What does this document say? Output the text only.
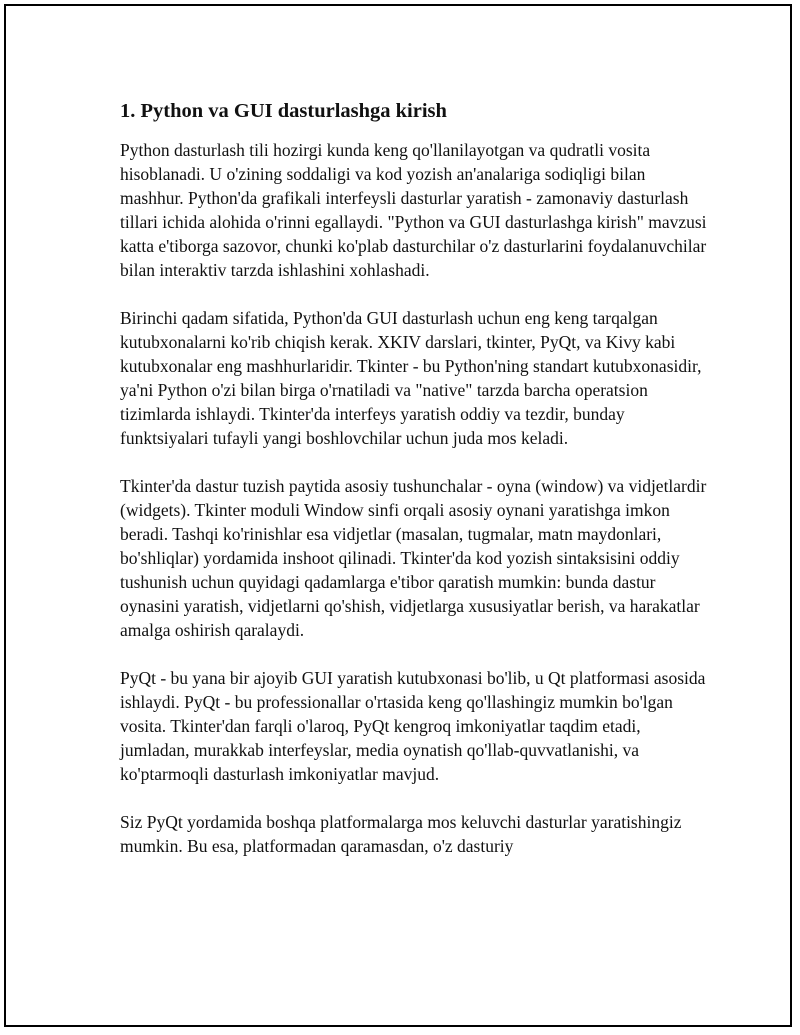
1. Python va GUI dasturlashga kirish

Python dasturlash tili hozirgi kunda keng qo'llanilayotgan va qudratli vosita hisoblanadi. U o'zining soddaligi va kod yozish an'analariga sodiqligi bilan mashhur. Python'da grafikali interfeysli dasturlar yaratish - zamonaviy dasturlash tillari ichida alohida o'rinni egallaydi. "Python va GUI dasturlashga kirish" mavzusi katta e'tiborga sazovor, chunki ko'plab dasturchilar o'z dasturlarini foydalanuvchilar bilan interaktiv tarzda ishlashini xohlashadi.

Birinchi qadam sifatida, Python'da GUI dasturlash uchun eng keng tarqalgan kutubxonalarni ko'rib chiqish kerak. XKIV darslari, tkinter, PyQt, va Kivy kabi kutubxonalar eng mashhurlaridir. Tkinter - bu Python'ning standart kutubxonasidir, ya'ni Python o'zi bilan birga o'rnatiladi va "native" tarzda barcha operatsion tizimlarda ishlaydi. Tkinter'da interfeys yaratish oddiy va tezdir, bunday funktsiyalari tufayli yangi boshlovchilar uchun juda mos keladi.

Tkinter'da dastur tuzish paytida asosiy tushunchalar - oyna (window) va vidjetlardir (widgets). Tkinter moduli Window sinfi orqali asosiy oynani yaratishga imkon beradi. Tashqi ko'rinishlar esa vidjetlar (masalan, tugmalar, matn maydonlari, bo'shliqlar) yordamida inshoot qilinadi. Tkinter'da kod yozish sintaksisini oddiy tushunish uchun quyidagi qadamlarga e'tibor qaratish mumkin: bunda dastur oynasini yaratish, vidjetlarni qo'shish, vidjetlarga xususiyatlar berish, va harakatlar amalga oshirish qaralaydi.

PyQt - bu yana bir ajoyib GUI yaratish kutubxonasi bo'lib, u Qt platformasi asosida ishlaydi. PyQt - bu professionallar o'rtasida keng qo'llashingiz mumkin bo'lgan vosita. Tkinter'dan farqli o'laroq, PyQt kengroq imkoniyatlar taqdim etadi, jumladan, murakkab interfeyslar, media oynatish qo'llab-quvvatlanishi, va ko'ptarmoqli dasturlash imkoniyatlar mavjud.

Siz PyQt yordamida boshqa platformalarga mos keluvchi dasturlar yaratishingiz mumkin. Bu esa, platformadan qaramasdan, o'z dasturiy
